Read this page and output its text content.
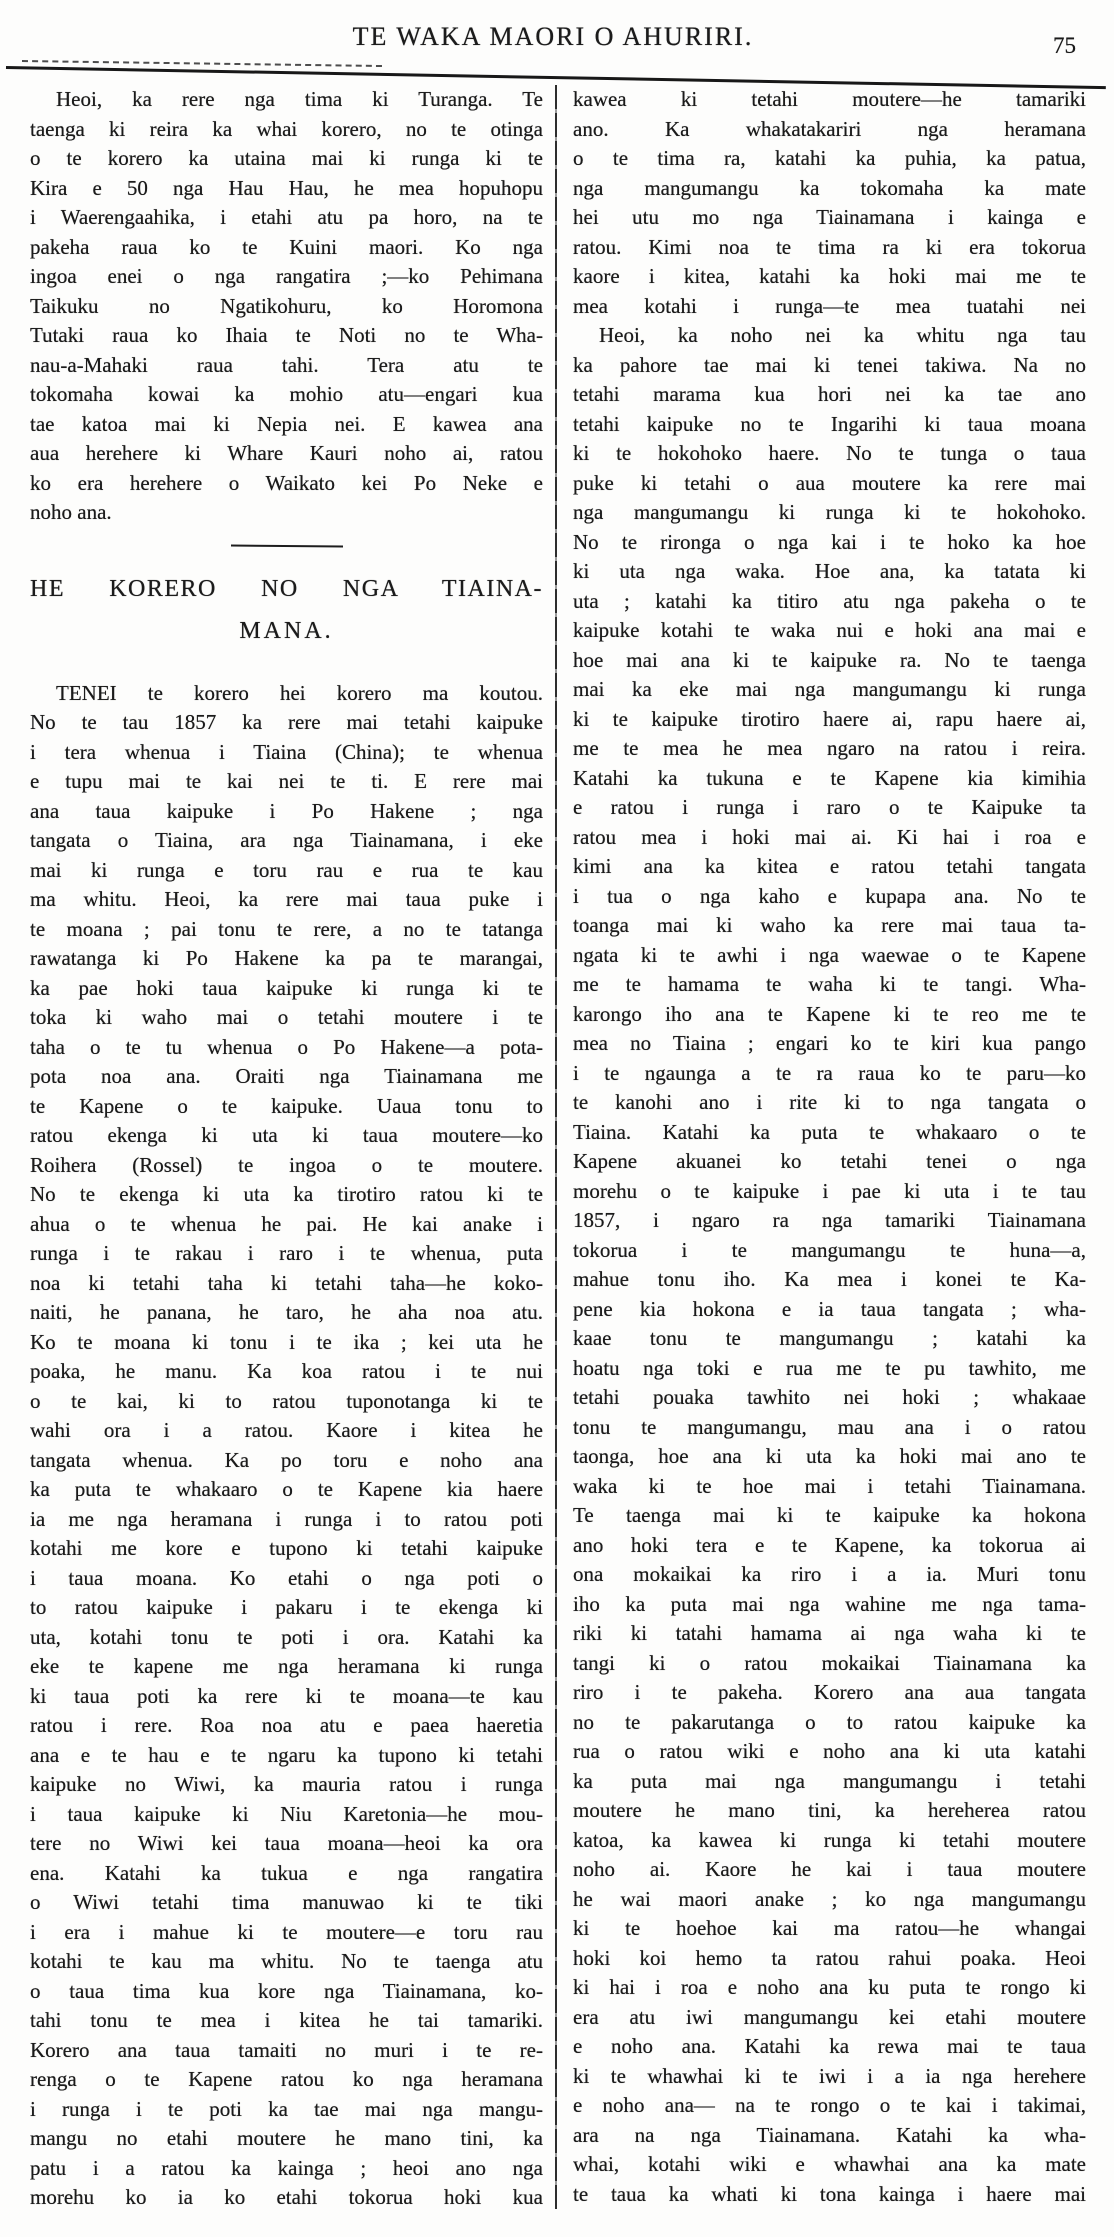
TE WAKA MAORI O AHURIRI.	75
Heoi, ka rere nga tima ki Turanga. Te
taenga ki reira ka whai korero, no te otinga
o te korero ka utaina mai ki runga ki te
Kira e 50 nga Hau Hau, he mea hopuhopu
i Waerengaahika, i etahi atu pa horo, na te
pakeha raua ko te Kuini maori. Ko nga
ingoa enei o nga rangatira ;—ko Pehimana
Taikuku no Ngatikohuru, ko Horomona
Tutaki raua ko Ihaia te Noti no te Wha-
nau-a-Mahaki raua tahi. Tera atu te
tokomaha kowai ka mohio atu—engari kua
tae katoa mai ki Nepia nei. E kawea ana
aua herehere ki Whare Kauri noho ai, ratou
ko era herehere o Waikato kei Po Neke e
noho ana.
HE KORERO NO NGA TIAINA-
MANA.
TENEI te korero hei korero ma koutou.
No te tau 1857 ka rere mai tetahi kaipuke
i tera whenua i Tiaina (China); te whenua
e tupu mai te kai nei te ti. E rere mai
ana taua kaipuke i Po Hakene ; nga
tangata o Tiaina, ara nga Tiainamana, i eke
mai ki runga e toru rau e rua te kau
ma whitu. Heoi, ka rere mai taua puke i
te moana ; pai tonu te rere, a no te tatanga
rawatanga ki Po Hakene ka pa te marangai,
ka pae hoki taua kaipuke ki runga ki te
toka ki waho mai o tetahi moutere i te
taha o te tu whenua o Po Hakene—a pota-
pota noa ana. Oraiti nga Tiainamana me
te Kapene o te kaipuke. Uaua tonu to
ratou ekenga ki uta ki taua moutere—ko
Roihera (Rossel) te ingoa o te moutere.
No te ekenga ki uta ka tirotiro ratou ki te
ahua o te whenua he pai. He kai anake i
runga i te rakau i raro i te whenua, puta
noa ki tetahi taha ki tetahi taha—he koko-
naiti, he panana, he taro, he aha noa atu.
Ko te moana ki tonu i te ika ; kei uta he
poaka, he manu. Ka koa ratou i te nui
o te kai, ki to ratou tuponotanga ki te
wahi ora i a ratou. Kaore i kitea he
tangata whenua. Ka po toru e noho ana
ka puta te whakaaro o te Kapene kia haere
ia me nga heramana i runga i to ratou poti
kotahi me kore e tupono ki tetahi kaipuke
i taua moana. Ko etahi o nga poti o
to ratou kaipuke i pakaru i te ekenga ki
uta, kotahi tonu te poti i ora. Katahi ka
eke te kapene me nga heramana ki runga
ki taua poti ka rere ki te moana—te kau
ratou i rere. Roa noa atu e paea haeretia
ana e te hau e te ngaru ka tupono ki tetahi
kaipuke no Wiwi, ka mauria ratou i runga
i taua kaipuke ki Niu Karetonia—he mou-
tere no Wiwi kei taua moana—heoi ka ora
ena. Katahi ka tukua e nga rangatira
o Wiwi tetahi tima manuwao ki te tiki
i era i mahue ki te moutere—e toru rau
kotahi te kau ma whitu. No te taenga atu
o taua tima kua kore nga Tiainamana, ko-
tahi tonu te mea i kitea he tai tamariki.
Korero ana taua tamaiti no muri i te re-
renga o te Kapene ratou ko nga heramana
i runga i te poti ka tae mai nga mangu-
mangu no etahi moutere he mano tini, ka
patu i a ratou ka kainga ; heoi ano nga
morehu ko ia ko etahi tokorua hoki kua
kawea ki tetahi moutere—he tamariki
ano. Ka whakatakariri nga heramana
o te tima ra, katahi ka puhia, ka patua,
nga mangumangu ka tokomaha ka mate
hei utu mo nga Tiainamana i kainga e
ratou. Kimi noa te tima ra ki era tokorua
kaore i kitea, katahi ka hoki mai me te
mea kotahi i runga—te mea tuatahi nei
Heoi, ka noho nei ka whitu nga tau
ka pahore tae mai ki tenei takiwa. Na no
tetahi marama kua hori nei ka tae ano
tetahi kaipuke no te Ingarihi ki taua moana
ki te hokohoko haere. No te tunga o taua
puke ki tetahi o aua moutere ka rere mai
nga mangumangu ki runga ki te hokohoko.
No te rironga o nga kai i te hoko ka hoe
ki uta nga waka. Hoe ana, ka tatata ki
uta ; katahi ka titiro atu nga pakeha o te
kaipuke kotahi te waka nui e hoki ana mai e
hoe mai ana ki te kaipuke ra. No te taenga
mai ka eke mai nga mangumangu ki runga
ki te kaipuke tirotiro haere ai, rapu haere ai,
me te mea he mea ngaro na ratou i reira.
Katahi ka tukuna e te Kapene kia kimihia
e ratou i runga i raro o te Kaipuke ta
ratou mea i hoki mai ai. Ki hai i roa e
kimi ana ka kitea e ratou tetahi tangata
i tua o nga kaho e kupapa ana. No te
toanga mai ki waho ka rere mai taua ta-
ngata ki te awhi i nga waewae o te Kapene
me te hamama te waha ki te tangi. Wha-
karongo iho ana te Kapene ki te reo me te
mea no Tiaina ; engari ko te kiri kua pango
i te ngaunga a te ra raua ko te paru—ko
te kanohi ano i rite ki to nga tangata o
Tiaina. Katahi ka puta te whakaaro o te
Kapene akuanei ko tetahi tenei o nga
morehu o te kaipuke i pae ki uta i te tau
1857, i ngaro ra nga tamariki Tiainamana
tokorua i te mangumangu te huna—a,
mahue tonu iho. Ka mea i konei te Ka-
pene kia hokona e ia taua tangata ; wha-
kaae tonu te mangumangu ; katahi ka
hoatu nga toki e rua me te pu tawhito, me
tetahi pouaka tawhito nei hoki ; whakaae
tonu te mangumangu, mau ana i o ratou
taonga, hoe ana ki uta ka hoki mai ano te
waka ki te hoe mai i tetahi Tiainamana.
Te taenga mai ki te kaipuke ka hokona
ano hoki tera e te Kapene, ka tokorua ai
ona mokaikai ka riro i a ia. Muri tonu
iho ka puta mai nga wahine me nga tama-
riki ki tatahi hamama ai nga waha ki te
tangi ki o ratou mokaikai Tiainamana ka
riro i te pakeha. Korero ana aua tangata
no te pakarutanga o to ratou kaipuke ka
rua o ratou wiki e noho ana ki uta katahi
ka puta mai nga mangumangu i tetahi
moutere he mano tini, ka hereherea ratou
katoa, ka kawea ki runga ki tetahi moutere
noho ai. Kaore he kai i taua moutere
he wai maori anake ; ko nga mangumangu
ki te hoehoe kai ma ratou—he whangai
hoki koi hemo ta ratou rahui poaka. Heoi
ki hai i roa e noho ana ku puta te rongo ki
era atu iwi mangumangu kei etahi moutere
e noho ana. Katahi ka rewa mai te taua
ki te whawhai ki te iwi i a ia nga herehere
e noho ana— na te rongo o te kai i takimai,
ara na nga Tiainamana. Katahi ka wha-
whai, kotahi wiki e whawhai ana ka mate
te taua ka whati ki tona kainga i haere mai
